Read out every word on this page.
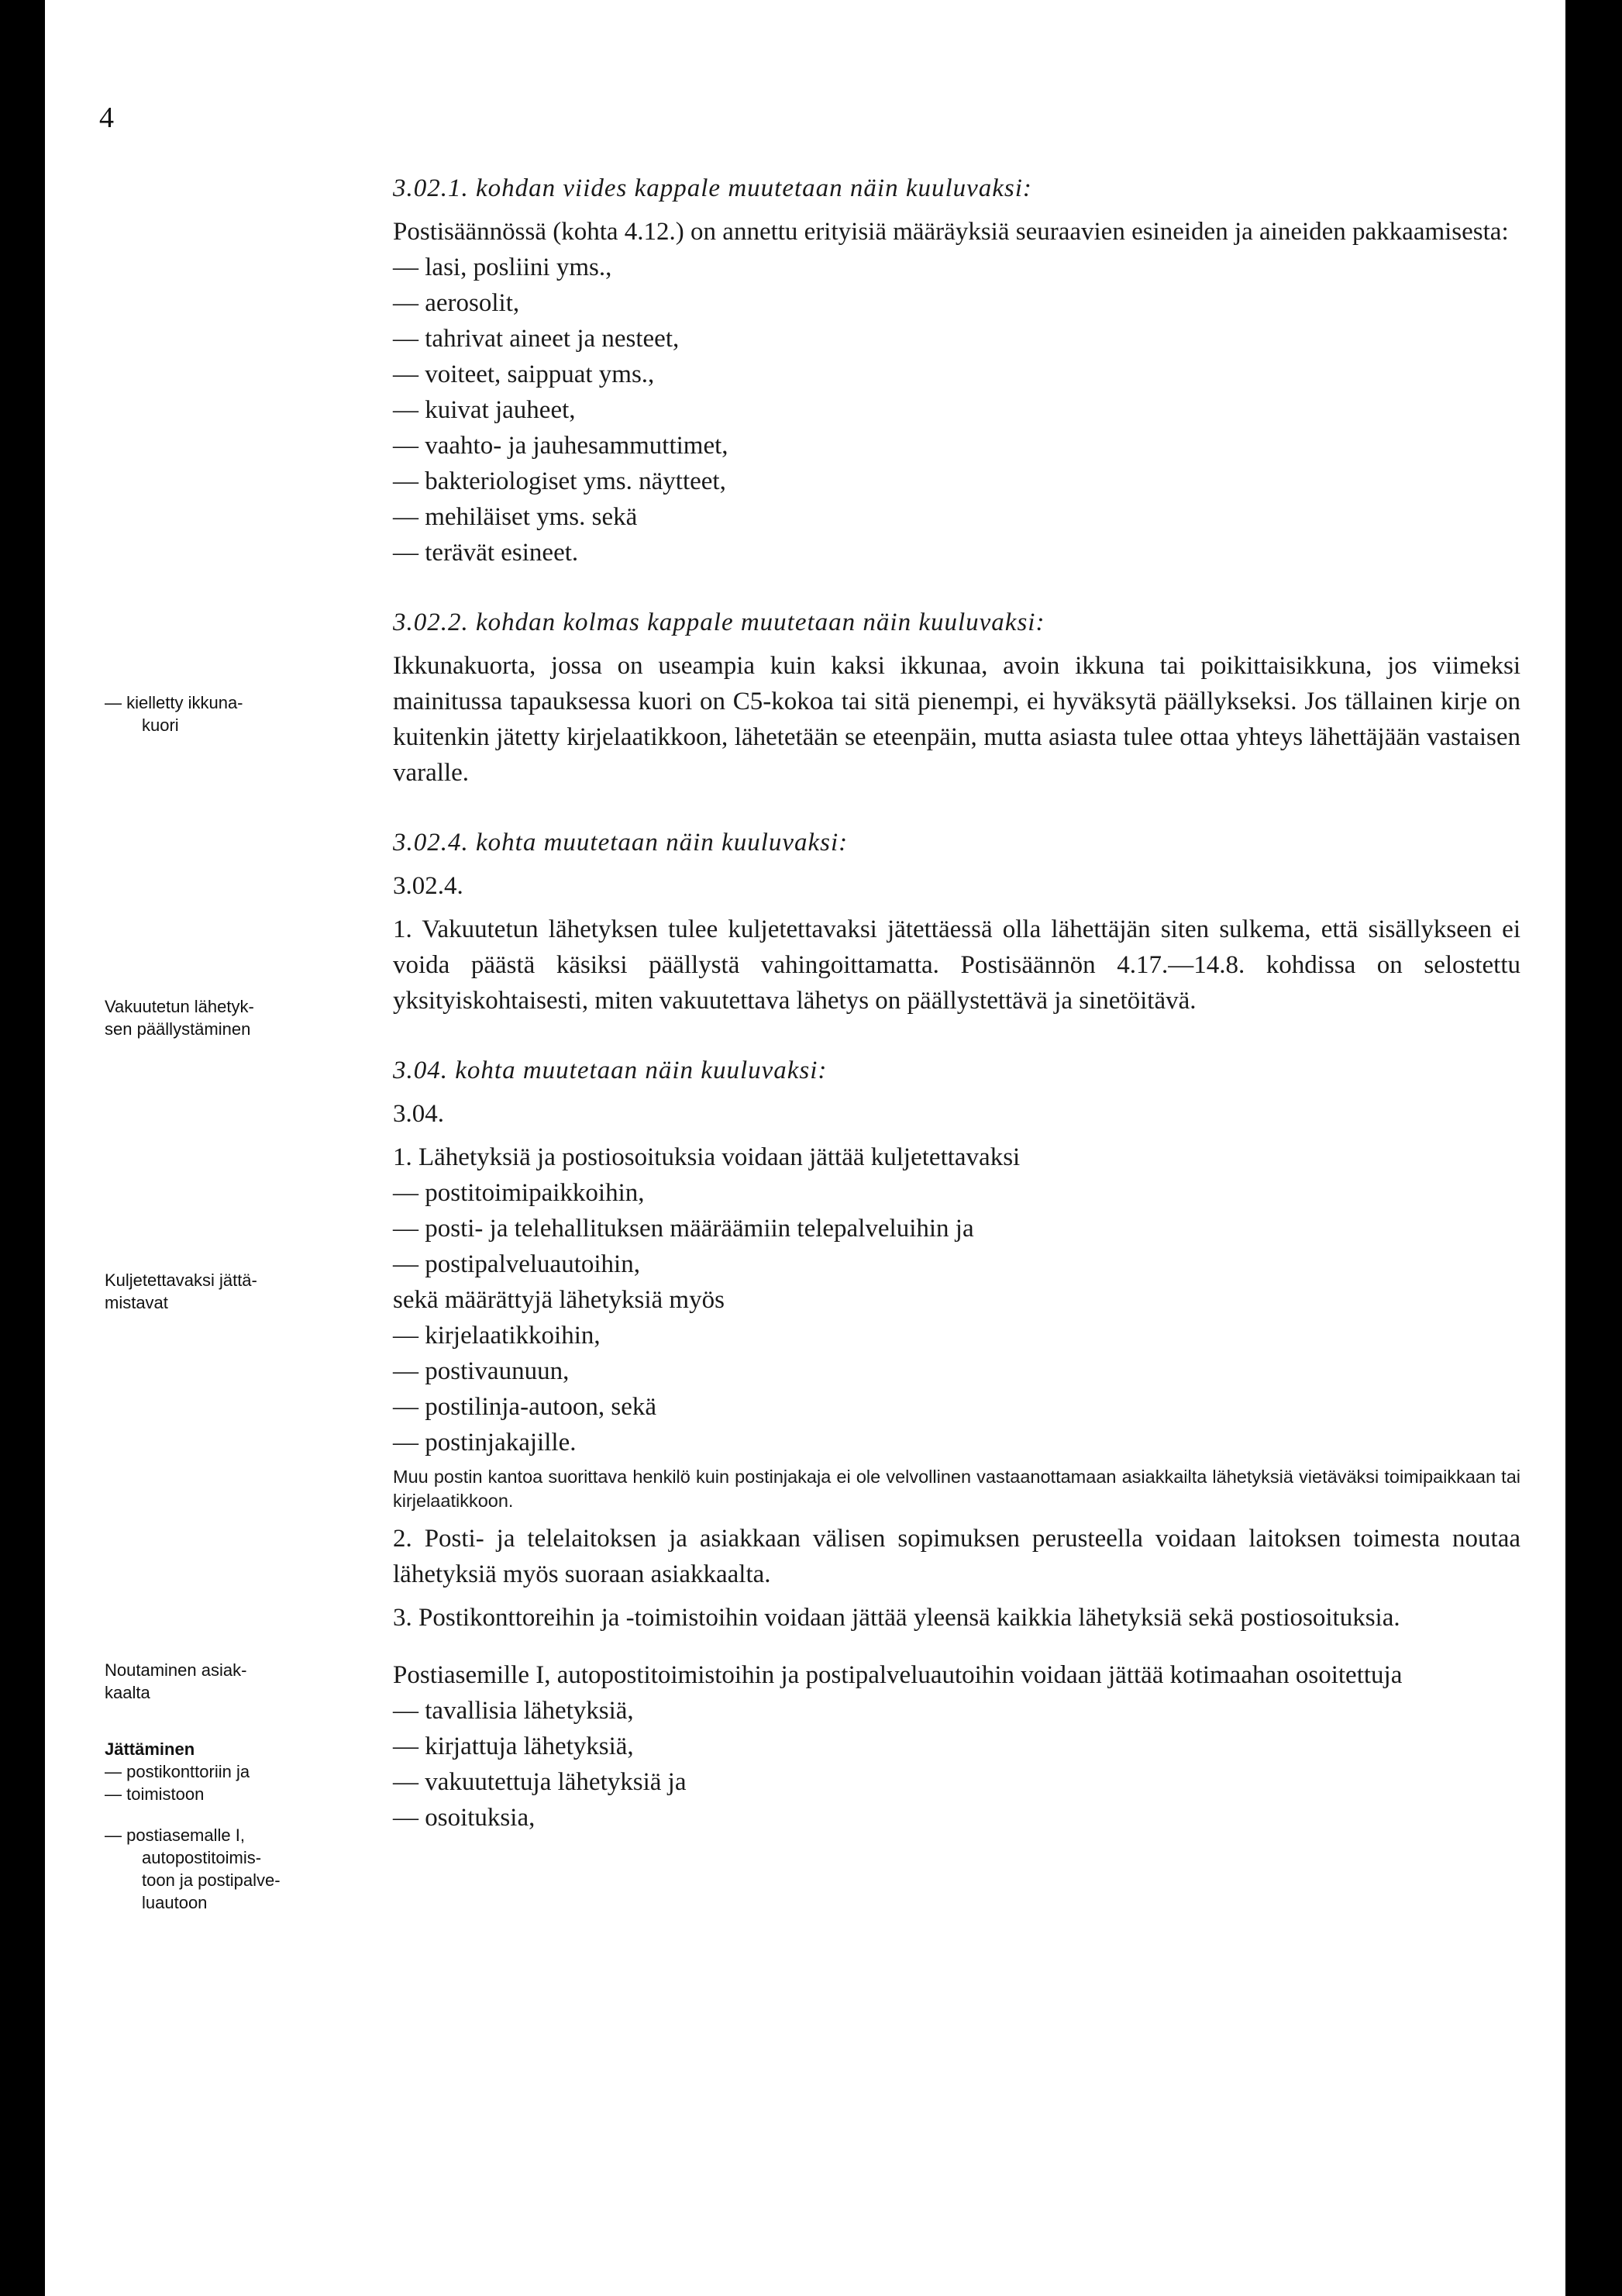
4

— kielletty ikkuna-

kuori

Vakuutetun lähetyk-

sen päällystäminen

Kuljetettavaksi jättä-

mistavat

Noutaminen asiak-

kaalta

Jättäminen

— postikonttoriin ja

— toimistoon

— postiasemalle I,

autopostitoimis-

toon ja postipalve-

luautoon

3.02.1. kohdan viides kappale muutetaan näin kuuluvaksi:

Postisäännössä (kohta 4.12.) on annettu erityisiä määräyksiä seuraavien esineiden ja aineiden pakkaamisesta:

— lasi, posliini yms.,
— aerosolit,
— tahrivat aineet ja nesteet,
— voiteet, saippuat yms.,
— kuivat jauheet,
— vaahto- ja jauhesammuttimet,
— bakteriologiset yms. näytteet,
— mehiläiset yms. sekä
— terävät esineet.

3.02.2. kohdan kolmas kappale muutetaan näin kuuluvaksi:

Ikkunakuorta, jossa on useampia kuin kaksi ikkunaa, avoin ikkuna tai poikittaisikkuna, jos viimeksi mainitussa tapauksessa kuori on C5-kokoa tai sitä pienempi, ei hyväksytä päällykseksi. Jos tällainen kirje on kuitenkin jätetty kirjelaatikkoon, lähetetään se eteenpäin, mutta asiasta tulee ottaa yhteys lähettäjään vastaisen varalle.

3.02.4. kohta muutetaan näin kuuluvaksi:

3.02.4.

1. Vakuutetun lähetyksen tulee kuljetettavaksi jätettäessä olla lähettäjän siten sulkema, että sisällykseen ei voida päästä käsiksi päällystä vahingoittamatta. Postisäännön 4.17.—14.8. kohdissa on selostettu yksityiskohtaisesti, miten vakuutettava lähetys on päällystettävä ja sinetöitävä.

3.04. kohta muutetaan näin kuuluvaksi:

3.04.

1. Lähetyksiä ja postiosoituksia voidaan jättää kuljetettavaksi

— postitoimipaikkoihin,
— posti- ja telehallituksen määräämiin telepalveluihin ja
— postipalveluautoihin,

sekä määrättyjä lähetyksiä myös

— kirjelaatikkoihin,
— postivaunuun,
— postilinja-autoon, sekä
— postinjakajille.

Muu postin kantoa suorittava henkilö kuin postinjakaja ei ole velvollinen vastaanottamaan asiakkailta lähetyksiä vietäväksi toimipaikkaan tai kirjelaatikkoon.

2. Posti- ja telelaitoksen ja asiakkaan välisen sopimuksen perusteella voidaan laitoksen toimesta noutaa lähetyksiä myös suoraan asiakkaalta.

3. Postikonttoreihin ja -toimistoihin voidaan jättää yleensä kaikkia lähetyksiä sekä postiosoituksia.

Postiasemille I, autopostitoimistoihin ja postipalveluautoihin voidaan jättää kotimaahan osoitettuja

— tavallisia lähetyksiä,
— kirjattuja lähetyksiä,
— vakuutettuja lähetyksiä ja
— osoituksia,
